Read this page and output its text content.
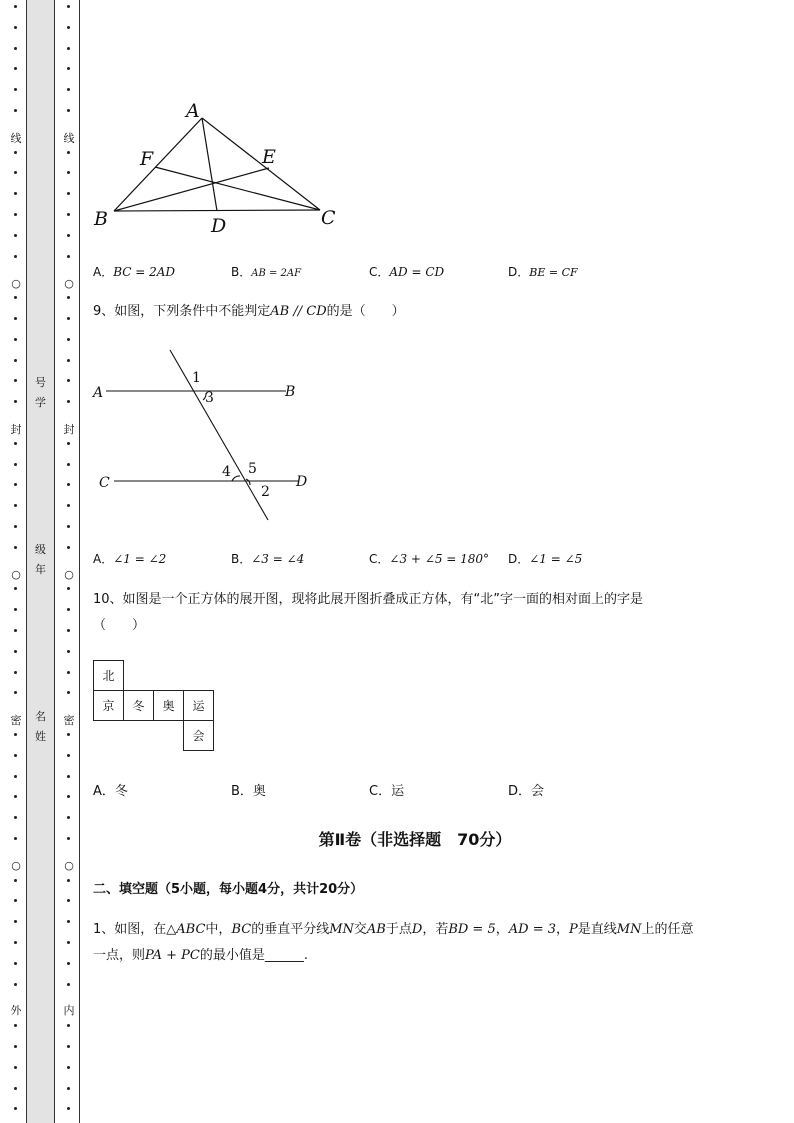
线
○
封
○
密
○
外
号
学
级
年
名
姓
线
○
封
○
密
○
内
A
B	C
D
E
F
A．BC = 2AD	B．AB = 2AF	C．AD = CD	D．BE = CF
9、如图，下列条件中不能判定AB // CD的是（　　）
A	B
C	D
1
2
3
4 5
A．∠1 = ∠2	B．∠3 = ∠4	C．∠3 + ∠5 = 180° D．∠1 = ∠5
10、如图是一个正方体的展开图，现将此展开图折叠成正方体，有“北”字一面的相对面上的字是
（　　）
北			
京	冬	奥	运
			会
A．冬	B．奥	C．运	D．会
第Ⅱ卷（非选择题　70分）
二、填空题（5小题，每小题4分，共计20分）
1、如图，在△ABC中，BC的垂直平分线MN交AB于点D，若BD = 5，AD = 3，P是直线MN上的任意
一点，则PA + PC的最小值是______.
